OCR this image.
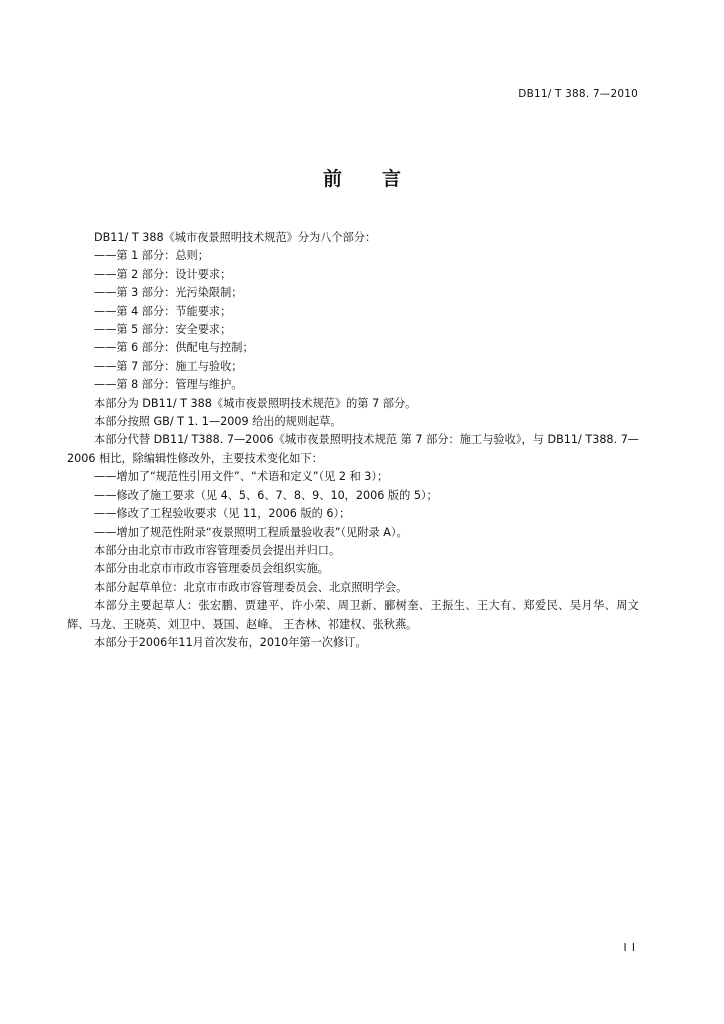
DB11/ T 388. 7—2010
前言

DB11/ T 388《城市夜景照明技术规范》分为八个部分：

——第 1 部分：总则；

——第 2 部分：设计要求；

——第 3 部分：光污染限制；

——第 4 部分：节能要求；

——第 5 部分：安全要求；

——第 6 部分：供配电与控制；

——第 7 部分：施工与验收；

——第 8 部分：管理与维护。

本部分为 DB11/ T 388《城市夜景照明技术规范》的第 7 部分。

本部分按照 GB/ T 1. 1—2009 给出的规则起草。

本部分代替 DB11/ T388. 7—2006《城市夜景照明技术规范 第 7 部分：施工与验收》，与 DB11/ T388. 7—2006 相比，除编辑性修改外，主要技术变化如下：

——增加了“规范性引用文件”、“术语和定义”（见 2 和 3）；

——修改了施工要求（见 4、5、6、7、8、9、10，2006 版的 5）；

——修改了工程验收要求（见 11，2006 版的 6）；

——增加了规范性附录“夜景照明工程质量验收表”（见附录 A）。

本部分由北京市市政市容管理委员会提出并归口。

本部分由北京市市政市容管理委员会组织实施。

本部分起草单位：北京市市政市容管理委员会、北京照明学会。

本部分主要起草人：张宏鹏、贾建平、许小荣、周卫新、郦树奎、王振生、王大有、郑爱民、吴月华、周文辉、马龙、王晓英、刘卫中、聂国、赵峰、 王杏林、祁建权、张秋燕。

本部分于2006年11月首次发布，2010年第一次修订。

I I
